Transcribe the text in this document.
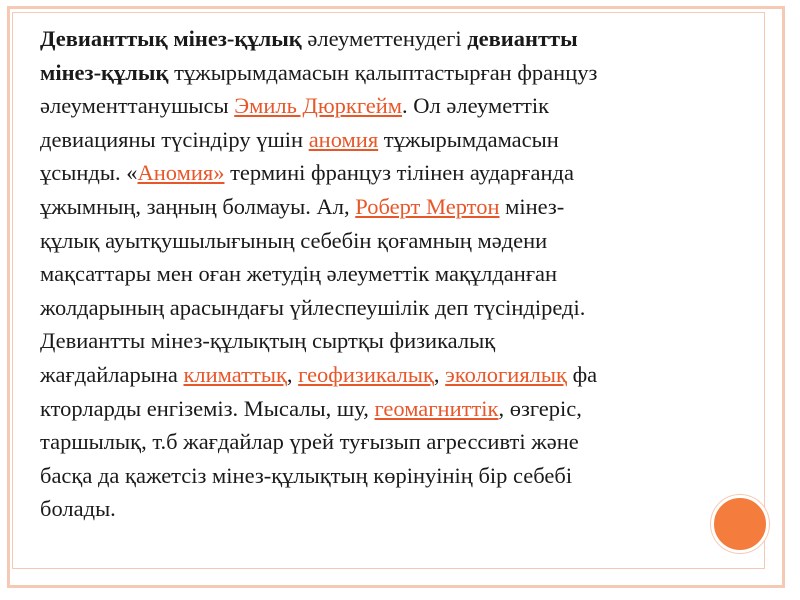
Девианттық мінез-құлық әлеуметтенудегі девиантты
мінез-құлық тұжырымдамасын қалыптастырған француз
әлеументтанушысы Эмиль Дюркгейм. Ол әлеуметтік
девиацияны түсіндіру үшін аномия тұжырымдамасын
ұсынды. «Аномия» термині француз тілінен аударғанда
ұжымның, заңның болмауы. Ал, Роберт Мертон мінез-
құлық ауытқушылығының себебін қоғамның мәдени
мақсаттары мен оған жетудің әлеуметтік мақұлданған
жолдарының арасындағы үйлеспеушілік деп түсіндіреді.
Девиантты мінез-құлықтың сыртқы физикалық
жағдайларына климаттық, геофизикалық, экологиялық фа
кторларды енгіземіз. Мысалы, шу, геомагниттік, өзгеріс,
таршылық, т.б жағдайлар үрей туғызып агрессивті және
басқа да қажетсіз мінез-құлықтың көрінуінің бір себебі
болады.
